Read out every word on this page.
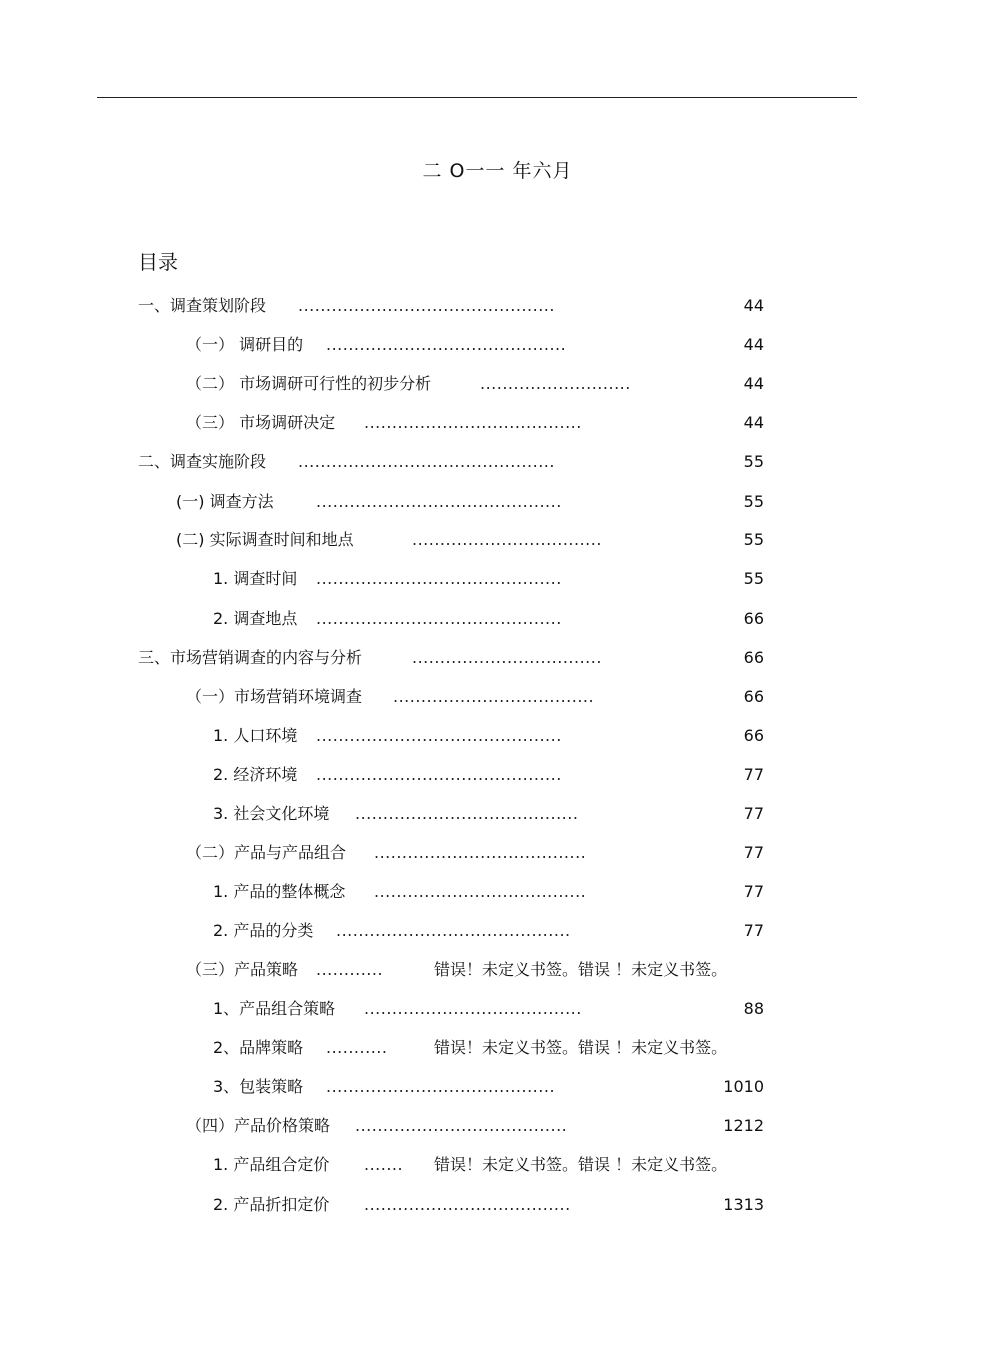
二 O一一 年六月
目录
一、调查策划阶段 ..............................................	44
（一） 调研目的 ...........................................	44
（二） 市场调研可行性的初步分析	...........................	44
（三） 市场调研决定 .......................................	44
二、调查实施阶段 ..............................................	55
(一) 调查方法	............................................	55
(二) 实际调查时间和地点	..................................	55
1. 调查时间 ............................................	55
2. 调查地点 ............................................	66
三、市场营销调查的内容与分析	..................................	66
（一）市场营销环境调查 ....................................	66
1. 人口环境 ............................................	66
2. 经济环境 ............................................	77
3. 社会文化环境 ........................................	77
（二）产品与产品组合 ......................................	77
1. 产品的整体概念 ......................................	77
2. 产品的分类 ..........................................	77
（三）产品策略 ............	错误！未定义书签。错误 ！未定义书签。
1、产品组合策略 .......................................	88
2、品牌策略 ...........	错误！未定义书签。错误 ！未定义书签。
3、包装策略 .........................................	1010
（四）产品价格策略 ......................................	1212
1. 产品组合定价 ....... 错误！未定义书签。错误 ！未定义书签。
2. 产品折扣定价 .....................................	1313
